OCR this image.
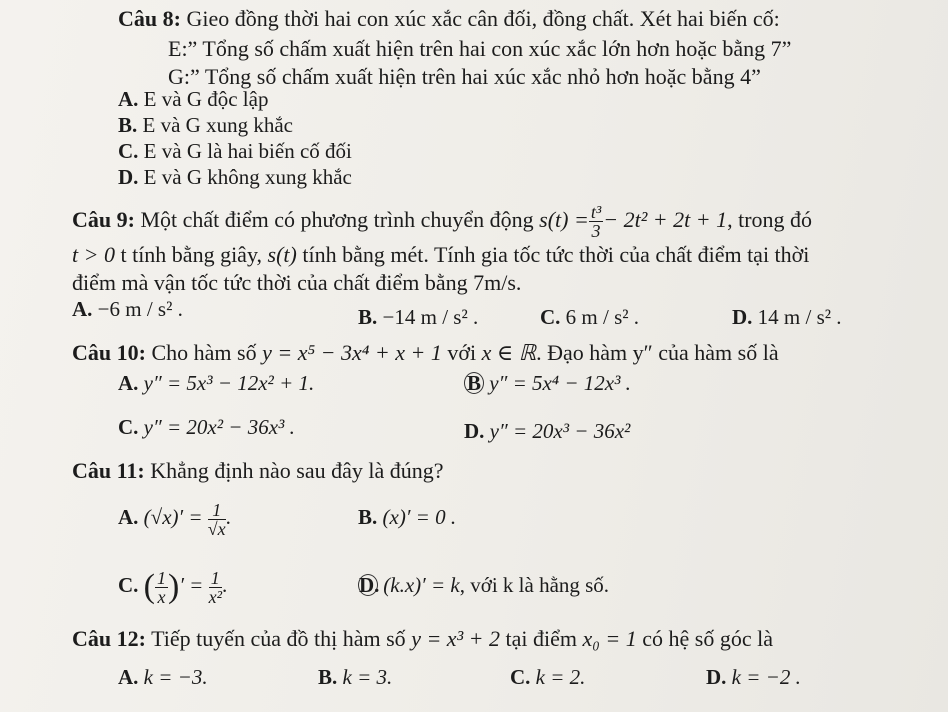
Câu 8: Gieo đồng thời hai con xúc xắc cân đối, đồng chất. Xét hai biến cố:
E:” Tổng số chấm xuất hiện trên hai con xúc xắc lớn hơn hoặc bằng 7”
G:” Tổng số chấm xuất hiện trên hai xúc xắc nhỏ hơn hoặc bằng 4”
A. E và G độc lập
B. E và G xung khắc
C. E và G là hai biến cố đối
D. E và G không xung khắc
Câu 9: Một chất điểm có phương trình chuyển động $s(t) = \frac{\text{t³}}{3} - 2t^2 + 2t + 1$, trong đó
t > 0 t tính bằng giây, s(t) tính bằng mét. Tính gia tốc tức thời của chất điểm tại thời
điểm mà vận tốc tức thời của chất điểm bằng 7m/s.
A. −6 m / s² .	B. −14 m / s² .	C. 6 m / s² .	D. 14 m / s² .
Câu 10: Cho hàm số y = x⁵ − 3x⁴ + x + 1 với x ∈ ℝ. Đạo hàm y″ của hàm số là
A. y″ = 5x³ − 12x² + 1.	B y″ = 5x⁴ − 12x³ .
C. y″ = 20x² − 36x³ .	D. y″ = 20x³ − 36x²
Câu 11: Khẳng định nào sau đây là đúng?
A. $(√x)' = \frac{1}{√x}$ .	B. (x)′ = 0 .
C. ( $\frac{1}{x}$ )′ = $\frac{1}{\text{x²}}$ .	D. (k.x)′ = k, với k là hằng số.
Câu 12: Tiếp tuyến của đồ thị hàm số y = x³ + 2 tại điểm x₀ = 1 có hệ số góc là
A. k = −3.	B. k = 3.	C. k = 2.	D. k = −2 .
